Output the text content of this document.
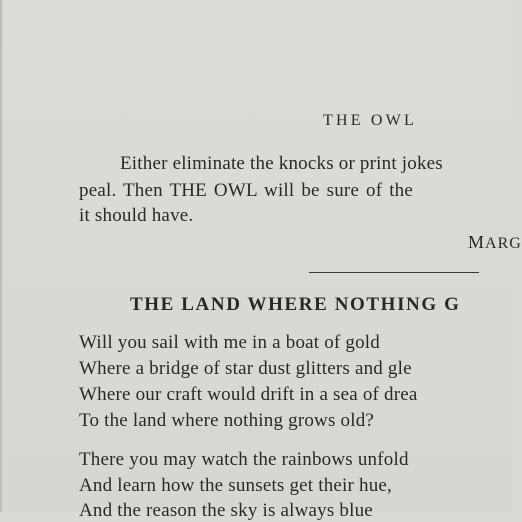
THE OWL
Either eliminate the knocks or print jokes
peal. Then THE OWL will be sure of the
it should have.
MARG
THE LAND WHERE NOTHING G
Will you sail with me in a boat of gold
Where a bridge of star dust glitters and gle
Where our craft would drift in a sea of drea
To the land where nothing grows old?
There you may watch the rainbows unfold
And learn how the sunsets get their hue,
And the reason the sky is always blue
